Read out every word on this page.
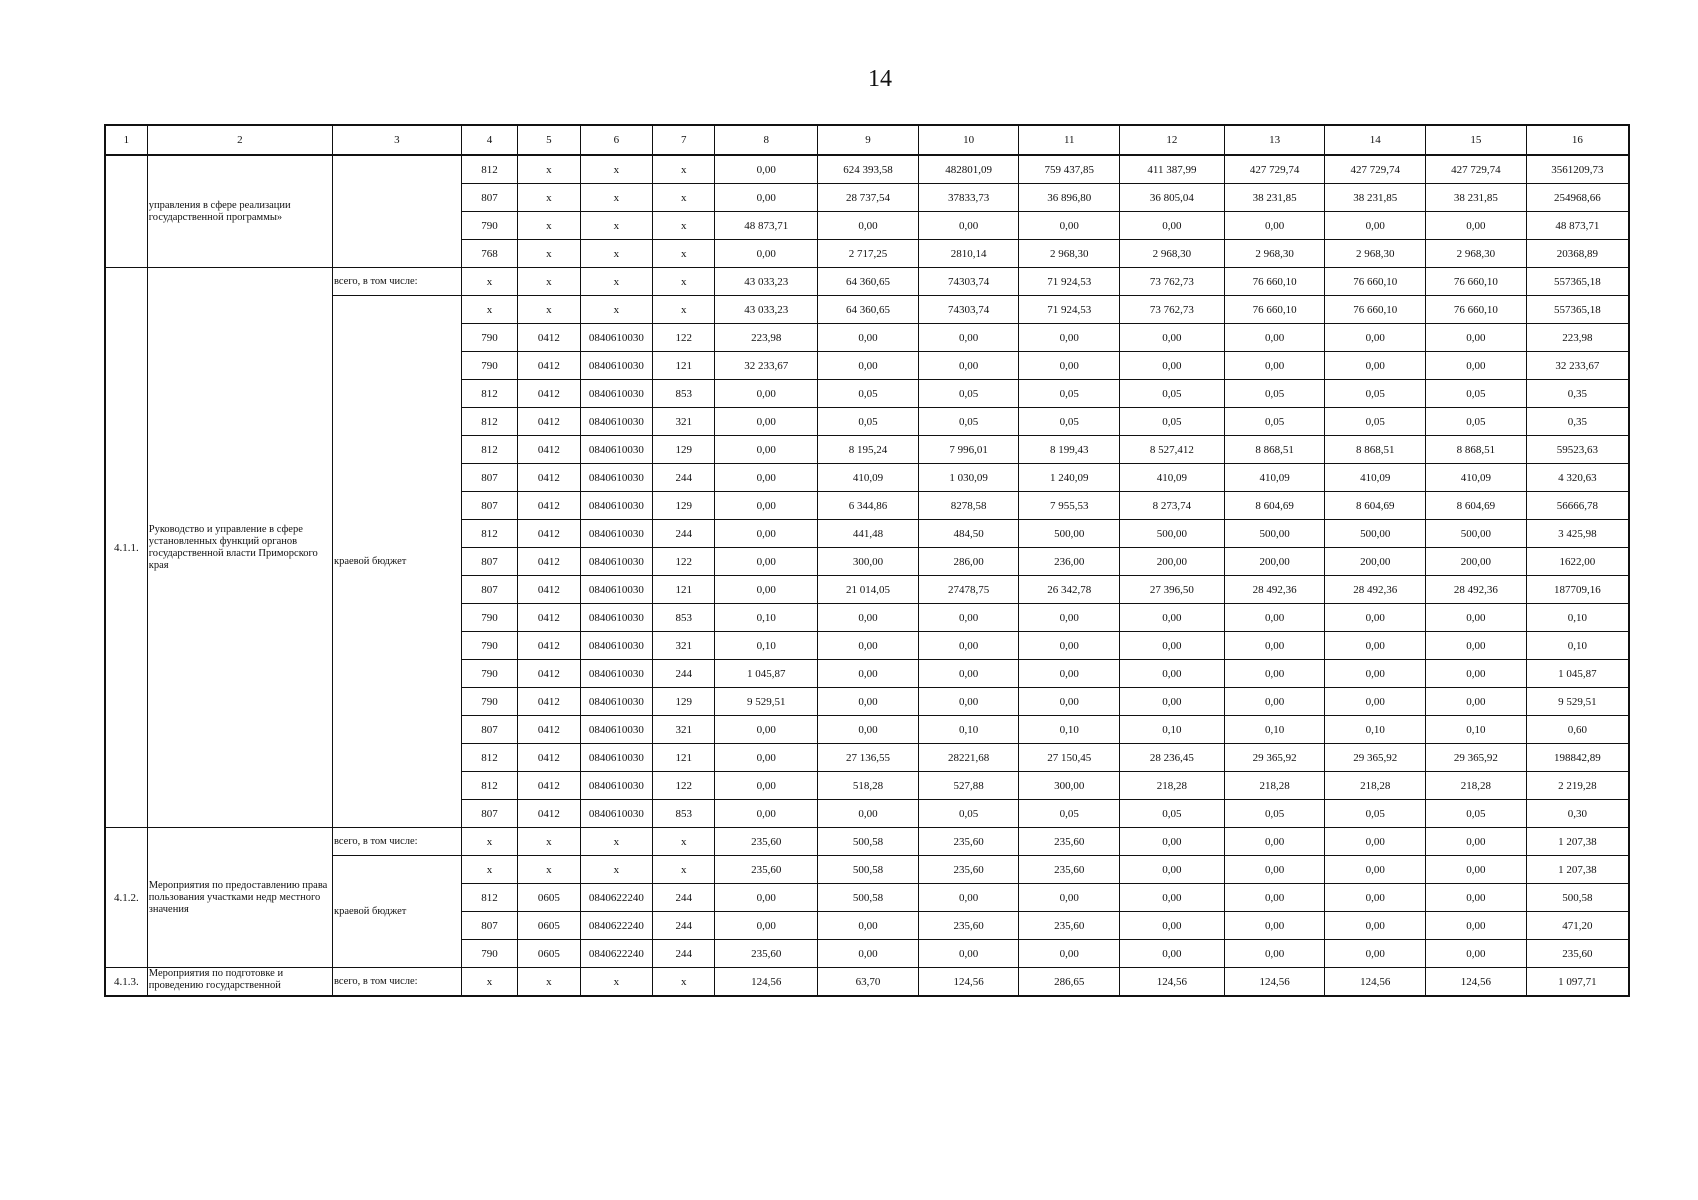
14
1	2	3	4	5	6	7	8	9	10	11	12	13	14	15	16
	управления в сфере реализации государственной программы»		812	x	x	x	0,00	624 393,58	482801,09	759 437,85	411 387,99	427 729,74	427 729,74	427 729,74	3561209,73
			807	x	x	x	0,00	28 737,54	37833,73	36 896,80	36 805,04	38 231,85	38 231,85	38 231,85	254968,66
			790	x	x	x	48 873,71	0,00	0,00	0,00	0,00	0,00	0,00	0,00	48 873,71
			768	x	x	x	0,00	2 717,25	2810,14	2 968,30	2 968,30	2 968,30	2 968,30	2 968,30	20368,89
4.1.1.	Руководство и управление в сфере установленных функций органов государственной власти Приморского края	всего, в том числе:	x	x	x	x	43 033,23	64 360,65	74303,74	71 924,53	73 762,73	76 660,10	76 660,10	76 660,10	557365,18
		краевой бюджет	x	x	x	x	43 033,23	64 360,65	74303,74	71 924,53	73 762,73	76 660,10	76 660,10	76 660,10	557365,18
			790	0412	0840610030	122	223,98	0,00	0,00	0,00	0,00	0,00	0,00	0,00	223,98
			790	0412	0840610030	121	32 233,67	0,00	0,00	0,00	0,00	0,00	0,00	0,00	32 233,67
			812	0412	0840610030	853	0,00	0,05	0,05	0,05	0,05	0,05	0,05	0,05	0,35
			812	0412	0840610030	321	0,00	0,05	0,05	0,05	0,05	0,05	0,05	0,05	0,35
			812	0412	0840610030	129	0,00	8 195,24	7 996,01	8 199,43	8 527,412	8 868,51	8 868,51	8 868,51	59523,63
			807	0412	0840610030	244	0,00	410,09	1 030,09	1 240,09	410,09	410,09	410,09	410,09	4 320,63
			807	0412	0840610030	129	0,00	6 344,86	8278,58	7 955,53	8 273,74	8 604,69	8 604,69	8 604,69	56666,78
			812	0412	0840610030	244	0,00	441,48	484,50	500,00	500,00	500,00	500,00	500,00	3 425,98
			807	0412	0840610030	122	0,00	300,00	286,00	236,00	200,00	200,00	200,00	200,00	1622,00
			807	0412	0840610030	121	0,00	21 014,05	27478,75	26 342,78	27 396,50	28 492,36	28 492,36	28 492,36	187709,16
			790	0412	0840610030	853	0,10	0,00	0,00	0,00	0,00	0,00	0,00	0,00	0,10
			790	0412	0840610030	321	0,10	0,00	0,00	0,00	0,00	0,00	0,00	0,00	0,10
			790	0412	0840610030	244	1 045,87	0,00	0,00	0,00	0,00	0,00	0,00	0,00	1 045,87
			790	0412	0840610030	129	9 529,51	0,00	0,00	0,00	0,00	0,00	0,00	0,00	9 529,51
			807	0412	0840610030	321	0,00	0,00	0,10	0,10	0,10	0,10	0,10	0,10	0,60
			812	0412	0840610030	121	0,00	27 136,55	28221,68	27 150,45	28 236,45	29 365,92	29 365,92	29 365,92	198842,89
			812	0412	0840610030	122	0,00	518,28	527,88	300,00	218,28	218,28	218,28	218,28	2 219,28
			807	0412	0840610030	853	0,00	0,00	0,05	0,05	0,05	0,05	0,05	0,05	0,30
4.1.2.	Мероприятия по предоставлению права пользования участками недр местного значения	всего, в том числе:	x	x	x	x	235,60	500,58	235,60	235,60	0,00	0,00	0,00	0,00	1 207,38
		краевой бюджет	x	x	x	x	235,60	500,58	235,60	235,60	0,00	0,00	0,00	0,00	1 207,38
			812	0605	0840622240	244	0,00	500,58	0,00	0,00	0,00	0,00	0,00	0,00	500,58
			807	0605	0840622240	244	0,00	0,00	235,60	235,60	0,00	0,00	0,00	0,00	471,20
			790	0605	0840622240	244	235,60	0,00	0,00	0,00	0,00	0,00	0,00	0,00	235,60
4.1.3.	Мероприятия по подготовке и проведению государственной	всего, в том числе:	x	x	x	x	124,56	63,70	124,56	286,65	124,56	124,56	124,56	124,56	1 097,71
